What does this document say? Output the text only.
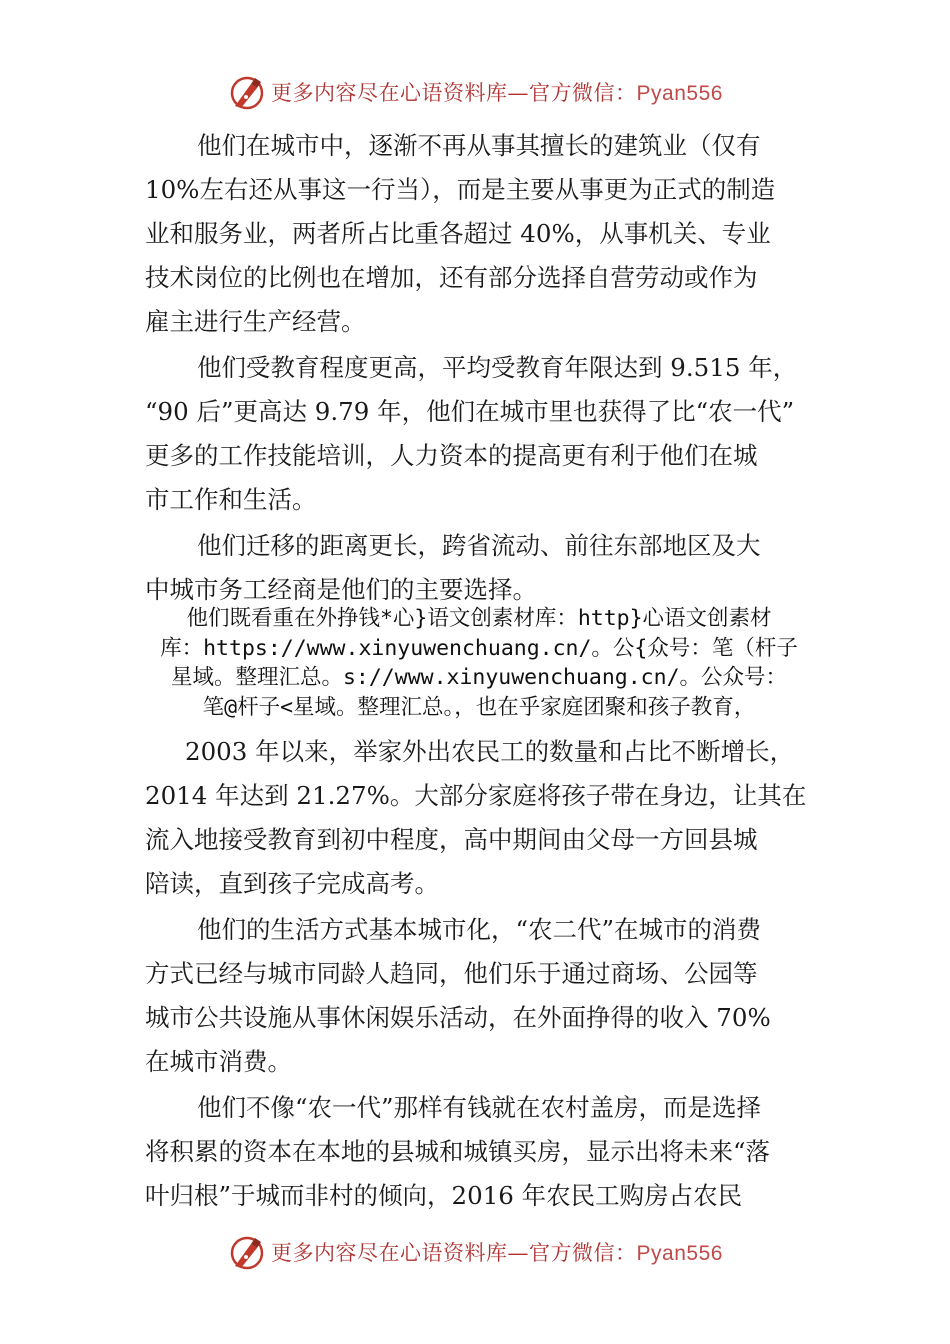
更多内容尽在心语资料库—官方微信：Pyan556

他们在城市中，逐渐不再从事其擅长的建筑业（仅有
10%左右还从事这一行当），而是主要从事更为正式的制造
业和服务业，两者所占比重各超过 40%，从事机关、专业
技术岗位的比例也在增加，还有部分选择自营劳动或作为
雇主进行生产经营。

他们受教育程度更高，平均受教育年限达到 9.515 年，
“90 后”更高达 9.79 年，他们在城市里也获得了比“农一代”
更多的工作技能培训，人力资本的提高更有利于他们在城
市工作和生活。

他们迁移的距离更长，跨省流动、前往东部地区及大
中城市务工经商是他们的主要选择。

他们既看重在外挣钱*心}语文创素材库：http}心语文创素材
库：https://www.xinyuwenchuang.cn/。公{众号：笔（杆子
星域。整理汇总。s://www.xinyuwenchuang.cn/。公众号：
笔@杆子<星域。整理汇总。，也在乎家庭团聚和孩子教育，

2003 年以来，举家外出农民工的数量和占比不断增长，
2014 年达到 21.27%。大部分家庭将孩子带在身边，让其在
流入地接受教育到初中程度，高中期间由父母一方回县城
陪读，直到孩子完成高考。

他们的生活方式基本城市化，“农二代”在城市的消费
方式已经与城市同龄人趋同，他们乐于通过商场、公园等
城市公共设施从事休闲娱乐活动，在外面挣得的收入 70%
在城市消费。

他们不像“农一代”那样有钱就在农村盖房，而是选择
将积累的资本在本地的县城和城镇买房，显示出将未来“落
叶归根”于城而非村的倾向，2016 年农民工购房占农民

更多内容尽在心语资料库—官方微信：Pyan556
